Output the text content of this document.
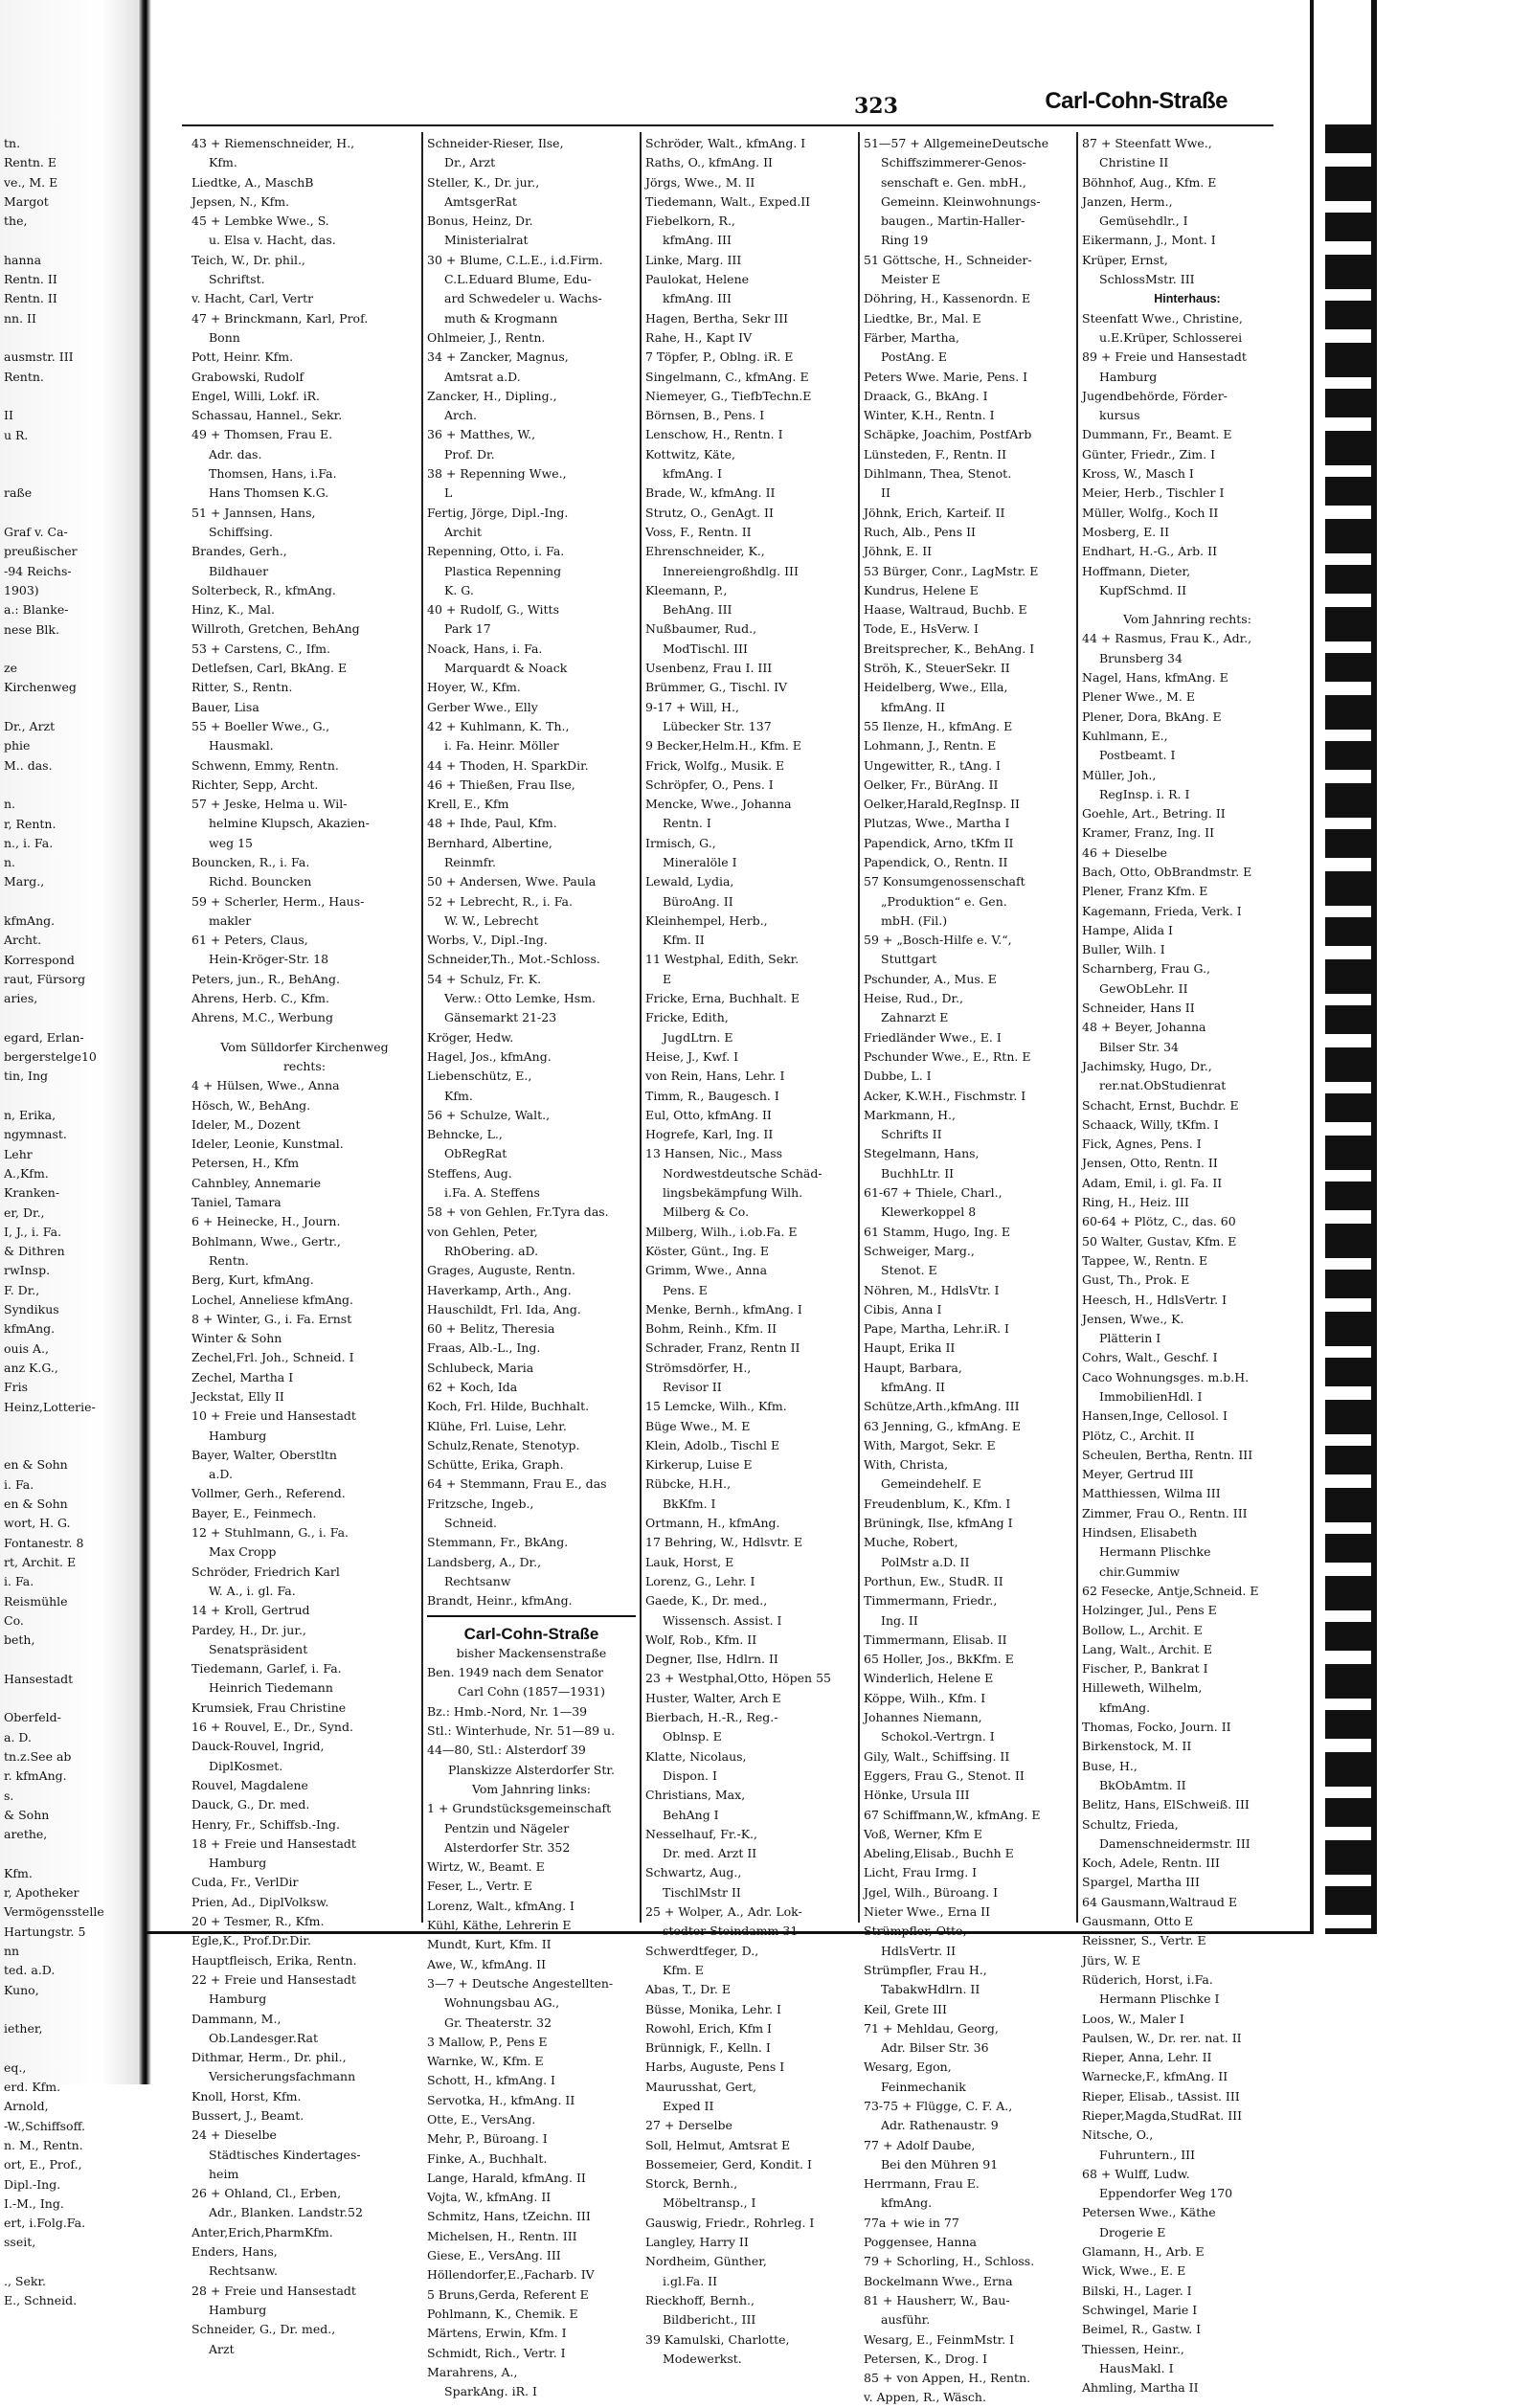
tn.
Rentn. E
ve., M. E
Margot
the,
hanna
Rentn. II
Rentn. II
nn. II
ausmstr. III
Rentn.
II
u R.
raße
Graf v. Ca-
preußischer
-94 Reichs-
1903)
a.: Blanke-
nese Blk.
ze
Kirchenweg
Dr., Arzt
phie
M.. das.
n.
r, Rentn.
n., i. Fa.
n.
Marg.,
kfmAng.
Archt.
Korrespond
raut, Fürsorg
aries,
egard, Erlan-
bergerstelge10
tin, Ing
n, Erika,
ngymnast.
Lehr
A.,Kfm.
Kranken-
er, Dr.,
I, J., i. Fa.
& Dithren
rwInsp.
F. Dr.,
Syndikus
kfmAng.
ouis A.,
anz K.G.,
Fris
Heinz,Lotterie-
en & Sohn
i. Fa.
en & Sohn
wort, H. G.
Fontanestr. 8
rt, Archit. E
i. Fa.
Reismühle
Co.
beth,
Hansestadt
Oberfeld-
a. D.
tn.z.See ab
r. kfmAng.
s.
& Sohn
arethe,
Kfm.
r, Apotheker
Vermögensstelle
Hartungstr. 5
nn
ted. a.D.
Kuno,
iether,
eq.,
erd. Kfm.
Arnold,
-W.,Schiffsoff.
n. M., Rentn.
ort, E., Prof.,
Dipl.-Ing.
I.-M., Ing.
ert, i.Folg.Fa.
sseit,
., Sekr.
E., Schneid.
323	Carl-Cohn-Straße
43 + Riemenschneider, H.,
Kfm.
Liedtke, A., MaschB
Jepsen, N., Kfm.
45 + Lembke Wwe., S.
u. Elsa v. Hacht, das.
Teich, W., Dr. phil.,
Schriftst.
v. Hacht, Carl, Vertr
47 + Brinckmann, Karl, Prof.
Bonn
Pott, Heinr. Kfm.
Grabowski, Rudolf
Engel, Willi, Lokf. iR.
Schassau, Hannel., Sekr.
49 + Thomsen, Frau E.
Adr. das.
Thomsen, Hans, i.Fa.
Hans Thomsen K.G.
51 + Jannsen, Hans,
Schiffsing.
Brandes, Gerh.,
Bildhauer
Solterbeck, R., kfmAng.
Hinz, K., Mal.
Willroth, Gretchen, BehAng
53 + Carstens, C., Ifm.
Detlefsen, Carl, BkAng. E
Ritter, S., Rentn.
Bauer, Lisa
55 + Boeller Wwe., G.,
Hausmakl.
Schwenn, Emmy, Rentn.
Richter, Sepp, Archt.
57 + Jeske, Helma u. Wil-
helmine Klupsch, Akazien-
weg 15
Bouncken, R., i. Fa.
Richd. Bouncken
59 + Scherler, Herm., Haus-
makler
61 + Peters, Claus,
Hein-Kröger-Str. 18
Peters, jun., R., BehAng.
Ahrens, Herb. C., Kfm.
Ahrens, M.C., Werbung
Vom Sülldorfer Kirchenweg
rechts:
4 + Hülsen, Wwe., Anna
Hösch, W., BehAng.
Ideler, M., Dozent
Ideler, Leonie, Kunstmal.
Petersen, H., Kfm
Cahnbley, Annemarie
Taniel, Tamara
6 + Heinecke, H., Journ.
Bohlmann, Wwe., Gertr.,
Rentn.
Berg, Kurt, kfmAng.
Lochel, Anneliese kfmAng.
8 + Winter, G., i. Fa. Ernst
Winter & Sohn
Zechel,Frl. Joh., Schneid. I
Zechel, Martha I
Jeckstat, Elly II
10 + Freie und Hansestadt
Hamburg
Bayer, Walter, Oberstltn
a.D.
Vollmer, Gerh., Referend.
Bayer, E., Feinmech.
12 + Stuhlmann, G., i. Fa.
Max Cropp
Schröder, Friedrich Karl
W. A., i. gl. Fa.
14 + Kroll, Gertrud
Pardey, H., Dr. jur.,
Senatspräsident
Tiedemann, Garlef, i. Fa.
Heinrich Tiedemann
Krumsiek, Frau Christine
16 + Rouvel, E., Dr., Synd.
Dauck-Rouvel, Ingrid,
DiplKosmet.
Rouvel, Magdalene
Dauck, G., Dr. med.
Henry, Fr., Schiffsb.-Ing.
18 + Freie und Hansestadt
Hamburg
Cuda, Fr., VerlDir
Prien, Ad., DiplVolksw.
20 + Tesmer, R., Kfm.
Egle,K., Prof.Dr.Dir.
Hauptfleisch, Erika, Rentn.
22 + Freie und Hansestadt
Hamburg
Dammann, M.,
Ob.Landesger.Rat
Dithmar, Herm., Dr. phil.,
Versicherungsfachmann
Knoll, Horst, Kfm.
Bussert, J., Beamt.
24 + Dieselbe
Städtisches Kindertages-
heim
26 + Ohland, Cl., Erben,
Adr., Blanken. Landstr.52
Anter,Erich,PharmKfm.
Enders, Hans,
Rechtsanw.
28 + Freie und Hansestadt
Hamburg
Schneider, G., Dr. med.,
Arzt
Schneider-Rieser, Ilse,
Dr., Arzt
Steller, K., Dr. jur.,
AmtsgerRat
Bonus, Heinz, Dr.
Ministerialrat
30 + Blume, C.L.E., i.d.Firm.
C.L.Eduard Blume, Edu-
ard Schwedeler u. Wachs-
muth & Krogmann
Ohlmeier, J., Rentn.
34 + Zancker, Magnus,
Amtsrat a.D.
Zancker, H., Dipling.,
Arch.
36 + Matthes, W.,
Prof. Dr.
38 + Repenning Wwe.,
L
Fertig, Jörge, Dipl.-Ing.
Archit
Repenning, Otto, i. Fa.
Plastica Repenning
K. G.
40 + Rudolf, G., Witts
Park 17
Noack, Hans, i. Fa.
Marquardt & Noack
Hoyer, W., Kfm.
Gerber Wwe., Elly
42 + Kuhlmann, K. Th.,
i. Fa. Heinr. Möller
44 + Thoden, H. SparkDir.
46 + Thießen, Frau Ilse,
Krell, E., Kfm
48 + Ihde, Paul, Kfm.
Bernhard, Albertine,
Reinmfr.
50 + Andersen, Wwe. Paula
52 + Lebrecht, R., i. Fa.
W. W., Lebrecht
Worbs, V., Dipl.-Ing.
Schneider,Th., Mot.-Schloss.
54 + Schulz, Fr. K.
Verw.: Otto Lemke, Hsm.
Gänsemarkt 21-23
Kröger, Hedw.
Hagel, Jos., kfmAng.
Liebenschütz, E.,
Kfm.
56 + Schulze, Walt.,
Behncke, L.,
ObRegRat
Steffens, Aug.
i.Fa. A. Steffens
58 + von Gehlen, Fr.Tyra das.
von Gehlen, Peter,
RhObering. aD.
Grages, Auguste, Rentn.
Haverkamp, Arth., Ang.
Hauschildt, Frl. Ida, Ang.
60 + Belitz, Theresia
Fraas, Alb.-L., Ing.
Schlubeck, Maria
62 + Koch, Ida
Koch, Frl. Hilde, Buchhalt.
Klühe, Frl. Luise, Lehr.
Schulz,Renate, Stenotyp.
Schütte, Erika, Graph.
64 + Stemmann, Frau E., das
Fritzsche, Ingeb.,
Schneid.
Stemmann, Fr., BkAng.
Landsberg, A., Dr.,
Rechtsanw
Brandt, Heinr., kfmAng.
Carl-Cohn-Straße
bisher Mackensenstraße
Ben. 1949 nach dem Senator
Carl Cohn (1857—1931)
Bz.: Hmb.-Nord, Nr. 1—39
Stl.: Winterhude, Nr. 51—89 u.
44—80, Stl.: Alsterdorf 39
Planskizze Alsterdorfer Str.
Vom Jahnring links:
1 + Grundstücksgemeinschaft
Pentzin und Nägeler
Alsterdorfer Str. 352
Wirtz, W., Beamt. E
Feser, L., Vertr. E
Lorenz, Walt., kfmAng. I
Kühl, Käthe, Lehrerin E
Mundt, Kurt, Kfm. II
Awe, W., kfmAng. II
3—7 + Deutsche Angestellten-
Wohnungsbau AG.,
Gr. Theaterstr. 32
3 Mallow, P., Pens E
Warnke, W., Kfm. E
Schott, H., kfmAng. I
Servotka, H., kfmAng. II
Otte, E., VersAng.
Mehr, P., Büroang. I
Finke, A., Buchhalt.
Lange, Harald, kfmAng. II
Vojta, W., kfmAng. II
Schmitz, Hans, tZeichn. III
Michelsen, H., Rentn. III
Giese, E., VersAng. III
Höllendorfer,E.,Facharb. IV
5 Bruns,Gerda, Referent E
Pohlmann, K., Chemik. E
Märtens, Erwin, Kfm. I
Schmidt, Rich., Vertr. I
Marahrens, A.,
SparkAng. iR. I
Schröder, Walt., kfmAng. I
Raths, O., kfmAng. II
Jörgs, Wwe., M. II
Tiedemann, Walt., Exped.II
Fiebelkorn, R.,
kfmAng. III
Linke, Marg. III
Paulokat, Helene
kfmAng. III
Hagen, Bertha, Sekr III
Rahe, H., Kapt IV
7 Töpfer, P., Oblng. iR. E
Singelmann, C., kfmAng. E
Niemeyer, G., TiefbTechn.E
Börnsen, B., Pens. I
Lenschow, H., Rentn. I
Kottwitz, Käte,
kfmAng. I
Brade, W., kfmAng. II
Strutz, O., GenAgt. II
Voss, F., Rentn. II
Ehrenschneider, K.,
Innereiengroßhdlg. III
Kleemann, P.,
BehAng. III
Nußbaumer, Rud.,
ModTischl. III
Usenbenz, Frau I. III
Brümmer, G., Tischl. IV
9-17 + Will, H.,
Lübecker Str. 137
9 Becker,Helm.H., Kfm. E
Frick, Wolfg., Musik. E
Schröpfer, O., Pens. I
Mencke, Wwe., Johanna
Rentn. I
Irmisch, G.,
Mineralöle I
Lewald, Lydia,
BüroAng. II
Kleinhempel, Herb.,
Kfm. II
11 Westphal, Edith, Sekr.
E
Fricke, Erna, Buchhalt. E
Fricke, Edith,
JugdLtrn. E
Heise, J., Kwf. I
von Rein, Hans, Lehr. I
Timm, R., Baugesch. I
Eul, Otto, kfmAng. II
Hogrefe, Karl, Ing. II
13 Hansen, Nic., Mass
Nordwestdeutsche Schäd-
lingsbekämpfung Wilh.
Milberg & Co.
Milberg, Wilh., i.ob.Fa. E
Köster, Günt., Ing. E
Grimm, Wwe., Anna
Pens. E
Menke, Bernh., kfmAng. I
Bohm, Reinh., Kfm. II
Schrader, Franz, Rentn II
Strömsdörfer, H.,
Revisor II
15 Lemcke, Wilh., Kfm.
Büge Wwe., M. E
Klein, Adolb., Tischl E
Kirkerup, Luise E
Rübcke, H.H.,
BkKfm. I
Ortmann, H., kfmAng.
17 Behring, W., Hdlsvtr. E
Lauk, Horst, E
Lorenz, G., Lehr. I
Gaede, K., Dr. med.,
Wissensch. Assist. I
Wolf, Rob., Kfm. II
Degner, Ilse, Hdlrn. II
23 + Westphal,Otto, Höpen 55
Huster, Walter, Arch E
Bierbach, H.-R., Reg.-
Oblnsp. E
Klatte, Nicolaus,
Dispon. I
Christians, Max,
BehAng I
Nesselhauf, Fr.-K.,
Dr. med. Arzt II
Schwartz, Aug.,
TischlMstr II
25 + Wolper, A., Adr. Lok-
stedter Steindamm 31
Schwerdtfeger, D.,
Kfm. E
Abas, T., Dr. E
Büsse, Monika, Lehr. I
Rowohl, Erich, Kfm I
Brünnigk, F., Kelln. I
Harbs, Auguste, Pens I
Maurusshat, Gert,
Exped II
27 + Derselbe
Soll, Helmut, Amtsrat E
Bossemeier, Gerd, Kondit. I
Storck, Bernh.,
Möbeltransp., I
Gauswig, Friedr., Rohrleg. I
Langley, Harry II
Nordheim, Günther,
i.gl.Fa. II
Rieckhoff, Bernh.,
Bildbericht., III
39 Kamulski, Charlotte,
Modewerkst.
51—57 + AllgemeineDeutsche
Schiffszimmerer-Genos-
senschaft e. Gen. mbH.,
Gemeinn. Kleinwohnungs-
baugen., Martin-Haller-
Ring 19
51 Göttsche, H., Schneider-
Meister E
Döhring, H., Kassenordn. E
Liedtke, Br., Mal. E
Färber, Martha,
PostAng. E
Peters Wwe. Marie, Pens. I
Draack, G., BkAng. I
Winter, K.H., Rentn. I
Schäpke, Joachim, PostfArb
Lünsteden, F., Rentn. II
Dihlmann, Thea, Stenot.
II
Jöhnk, Erich, Karteif. II
Ruch, Alb., Pens II
Jöhnk, E. II
53 Bürger, Conr., LagMstr. E
Kundrus, Helene E
Haase, Waltraud, Buchb. E
Tode, E., HsVerw. I
Breitsprecher, K., BehAng. I
Ströh, K., SteuerSekr. II
Heidelberg, Wwe., Ella,
kfmAng. II
55 Ilenze, H., kfmAng. E
Lohmann, J., Rentn. E
Ungewitter, R., tAng. I
Oelker, Fr., BürAng. II
Oelker,Harald,RegInsp. II
Plutzas, Wwe., Martha I
Papendick, Arno, tKfm II
Papendick, O., Rentn. II
57 Konsumgenossenschaft
„Produktion“ e. Gen.
mbH. (Fil.)
59 + „Bosch-Hilfe e. V.“,
Stuttgart
Pschunder, A., Mus. E
Heise, Rud., Dr.,
Zahnarzt E
Friedländer Wwe., E. I
Pschunder Wwe., E., Rtn. E
Dubbe, L. I
Acker, K.W.H., Fischmstr. I
Markmann, H.,
Schrifts II
Stegelmann, Hans,
BuchhLtr. II
61-67 + Thiele, Charl.,
Klewerkoppel 8
61 Stamm, Hugo, Ing. E
Schweiger, Marg.,
Stenot. E
Nöhren, M., HdlsVtr. I
Cibis, Anna I
Pape, Martha, Lehr.iR. I
Haupt, Erika II
Haupt, Barbara,
kfmAng. II
Schütze,Arth.,kfmAng. III
63 Jenning, G., kfmAng. E
With, Margot, Sekr. E
With, Christa,
Gemeindehelf. E
Freudenblum, K., Kfm. I
Brüningk, Ilse, kfmAng I
Muche, Robert,
PolMstr a.D. II
Porthun, Ew., StudR. II
Timmermann, Friedr.,
Ing. II
Timmermann, Elisab. II
65 Holler, Jos., BkKfm. E
Winderlich, Helene E
Köppe, Wilh., Kfm. I
Johannes Niemann,
Schokol.-Vertrgn. I
Gily, Walt., Schiffsing. II
Eggers, Frau G., Stenot. II
Hönke, Ursula III
67 Schiffmann,W., kfmAng. E
Voß, Werner, Kfm E
Abeling,Elisab., Buchh E
Licht, Frau Irmg. I
Jgel, Wilh., Büroang. I
Nieter Wwe., Erna II
Strümpfler, Otto,
HdlsVertr. II
Strümpfler, Frau H.,
TabakwHdlrn. II
Keil, Grete III
71 + Mehldau, Georg,
Adr. Bilser Str. 36
Wesarg, Egon,
Feinmechanik
73-75 + Flügge, C. F. A.,
Adr. Rathenaustr. 9
77 + Adolf Daube,
Bei den Mühren 91
Herrmann, Frau E.
kfmAng.
77a + wie in 77
Poggensee, Hanna
79 + Schorling, H., Schloss.
Bockelmann Wwe., Erna
81 + Hausherr, W., Bau-
ausführ.
Wesarg, E., FeinmMstr. I
Petersen, K., Drog. I
85 + von Appen, H., Rentn.
v. Appen, R., Wäsch.
87 + Steenfatt Wwe.,
Christine II
Böhnhof, Aug., Kfm. E
Janzen, Herm.,
Gemüsehdlr., I
Eikermann, J., Mont. I
Krüper, Ernst,
SchlossMstr. III
Hinterhaus:
Steenfatt Wwe., Christine,
u.E.Krüper, Schlosserei
89 + Freie und Hansestadt
Hamburg
Jugendbehörde, Förder-
kursus
Dummann, Fr., Beamt. E
Günter, Friedr., Zim. I
Kross, W., Masch I
Meier, Herb., Tischler I
Müller, Wolfg., Koch II
Mosberg, E. II
Endhart, H.-G., Arb. II
Hoffmann, Dieter,
KupfSchmd. II
Vom Jahnring rechts:
44 + Rasmus, Frau K., Adr.,
Brunsberg 34
Nagel, Hans, kfmAng. E
Plener Wwe., M. E
Plener, Dora, BkAng. E
Kuhlmann, E.,
Postbeamt. I
Müller, Joh.,
RegInsp. i. R. I
Goehle, Art., Betring. II
Kramer, Franz, Ing. II
46 + Dieselbe
Bach, Otto, ObBrandmstr. E
Plener, Franz Kfm. E
Kagemann, Frieda, Verk. I
Hampe, Alida I
Buller, Wilh. I
Scharnberg, Frau G.,
GewObLehr. II
Schneider, Hans II
48 + Beyer, Johanna
Bilser Str. 34
Jachimsky, Hugo, Dr.,
rer.nat.ObStudienrat
Schacht, Ernst, Buchdr. E
Schaack, Willy, tKfm. I
Fick, Agnes, Pens. I
Jensen, Otto, Rentn. II
Adam, Emil, i. gl. Fa. II
Ring, H., Heiz. III
60-64 + Plötz, C., das. 60
50 Walter, Gustav, Kfm. E
Tappee, W., Rentn. E
Gust, Th., Prok. E
Heesch, H., HdlsVertr. I
Jensen, Wwe., K.
Plätterin I
Cohrs, Walt., Geschf. I
Caco Wohnungsges. m.b.H.
ImmobilienHdl. I
Hansen,Inge, Cellosol. I
Plötz, C., Archit. II
Scheulen, Bertha, Rentn. III
Meyer, Gertrud III
Matthiessen, Wilma III
Zimmer, Frau O., Rentn. III
Hindsen, Elisabeth
Hermann Plischke
chir.Gummiw
62 Fesecke, Antje,Schneid. E
Holzinger, Jul., Pens E
Bollow, L., Archit. E
Lang, Walt., Archit. E
Fischer, P., Bankrat I
Hilleweth, Wilhelm,
kfmAng.
Thomas, Focko, Journ. II
Birkenstock, M. II
Buse, H.,
BkObAmtm. II
Belitz, Hans, ElSchweiß. III
Schultz, Frieda,
Damenschneidermstr. III
Koch, Adele, Rentn. III
Spargel, Martha III
64 Gausmann,Waltraud E
Gausmann, Otto E
Reissner, S., Vertr. E
Jürs, W. E
Rüderich, Horst, i.Fa.
Hermann Plischke I
Loos, W., Maler I
Paulsen, W., Dr. rer. nat. II
Rieper, Anna, Lehr. II
Warnecke,F., kfmAng. II
Rieper, Elisab., tAssist. III
Rieper,Magda,StudRat. III
Nitsche, O.,
Fuhruntern., III
68 + Wulff, Ludw.
Eppendorfer Weg 170
Petersen Wwe., Käthe
Drogerie E
Glamann, H., Arb. E
Wick, Wwe., E. E
Bilski, H., Lager. I
Schwingel, Marie I
Beimel, R., Gastw. I
Thiessen, Heinr.,
HausMakl. I
Ahmling, Martha II
